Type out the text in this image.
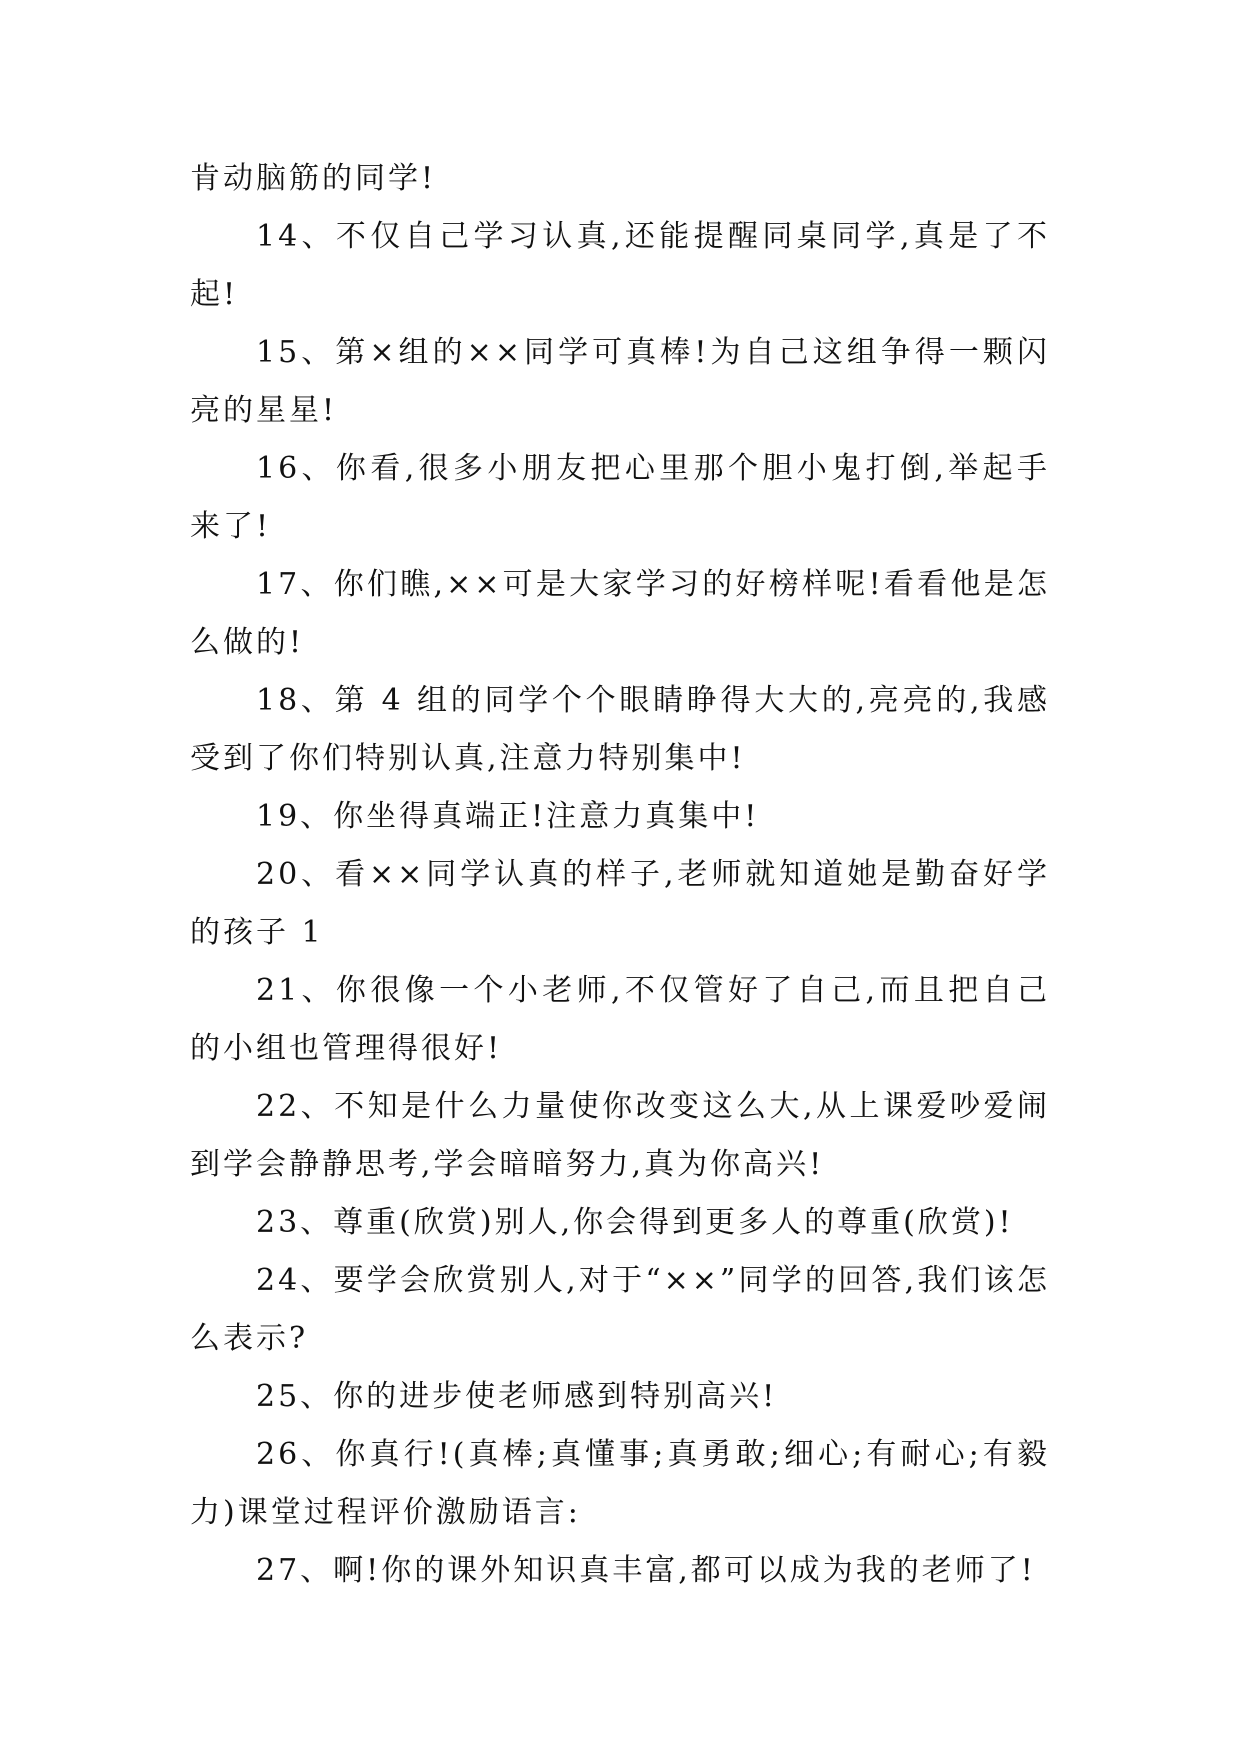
肯动脑筋的同学!

14、不仅自己学习认真,还能提醒同桌同学,真是了不起!

15、第×组的××同学可真棒!为自己这组争得一颗闪亮的星星!

16、你看,很多小朋友把心里那个胆小鬼打倒,举起手来了!

17、你们瞧,××可是大家学习的好榜样呢!看看他是怎么做的!

18、第 4 组的同学个个眼睛睁得大大的,亮亮的,我感受到了你们特别认真,注意力特别集中!

19、你坐得真端正!注意力真集中!

20、看××同学认真的样子,老师就知道她是勤奋好学的孩子 1

21、你很像一个小老师,不仅管好了自己,而且把自己的小组也管理得很好!

22、不知是什么力量使你改变这么大,从上课爱吵爱闹到学会静静思考,学会暗暗努力,真为你高兴!

23、尊重(欣赏)别人,你会得到更多人的尊重(欣赏)!

24、要学会欣赏别人,对于“××”同学的回答,我们该怎么表示?

25、你的进步使老师感到特别高兴!

26、你真行!(真棒;真懂事;真勇敢;细心;有耐心;有毅力)课堂过程评价激励语言:

27、啊!你的课外知识真丰富,都可以成为我的老师了!
